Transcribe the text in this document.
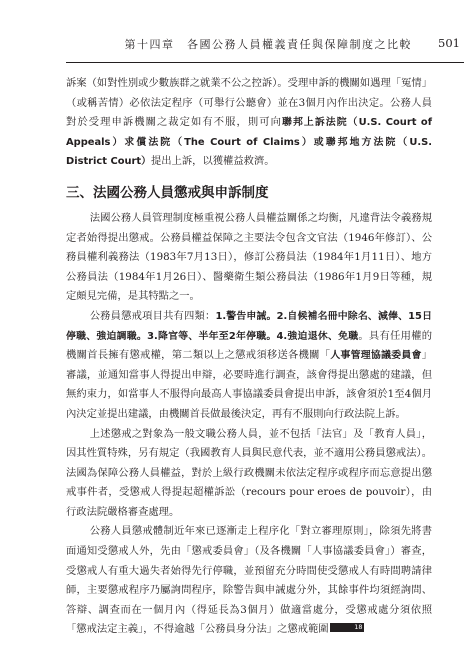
第十四章　各國公務人員權義責任與保障制度之比較 501

訴案（如對性別或少數族群之就業不公之控訴）。受理申訴的機關如遇理「冤情」（或稱苦情）必依法定程序（可舉行公聽會）並在3個月內作出決定。公務人員對於受理申訴機關之裁定如有不服，則可向聯邦上訴法院（U.S. Court of Appeals）求償法院（The Court of Claims）或聯邦地方法院（U.S. District Court）提出上訴，以獲權益救濟。

三、法國公務人員懲戒與申訴制度

法國公務人員管理制度極重視公務人員權益關係之均衡，凡違背法令義務規定者始得提出懲戒。公務員權益保障之主要法令包含文官法（1946年修訂）、公務員權利義務法（1983年7月13日），修訂公務員法（1984年1月11日）、地方公務員法（1984年1月26日）、醫藥衛生類公務員法（1986年1月9日等種，規定頗見完備，是其特點之一。

公務員懲戒項目共有四類：1.警告申誡。2.自候補名冊中除名、減俸、15日停職、強迫調職。3.降官等、半年至2年停職。4.強迫退休、免職。具有任用權的機關首長擁有懲戒權，第二類以上之懲戒須移送各機關「人事管理協議委員會」審議，並通知當事人得提出申辯，必要時進行調查，該會得提出懲處的建議，但無約束力，如當事人不服得向最高人事協議委員會提出申訴，該會須於1至4個月內決定並提出建議，由機關首長做最後決定，再有不服則向行政法院上訴。

上述懲戒之對象為一般文職公務人員，並不包括「法官」及「教育人員」，因其性質特殊，另有規定（我國教育人員與民意代表，並不適用公務員懲戒法）。法國為保障公務人員權益，對於上級行政機關未依法定程序或程序而忘意提出懲戒事件者，受懲戒人得提起超權訴訟（recours pour eroes de pouvoir），由行政法院嚴格審查處理。

公務人員懲戒體制近年來已逐漸走上程序化「對立審理原則」，除須先將書面通知受懲戒人外，先由「懲戒委員會」（及各機關「人事協議委員會」）審查，受懲戒人有重大過失者始得先行停職，並預留充分時間使受懲戒人有時間聘請律師，主要懲戒程序乃屬詢問程序，除警告與申誡處分外，其餘事件均須經詢問、答辯、調查而在一個月內（得延長為3個月）做適當處分，受懲戒處分須依照「懲戒法定主義」，不得逾越「公務員身分法」之懲戒範圍	18
